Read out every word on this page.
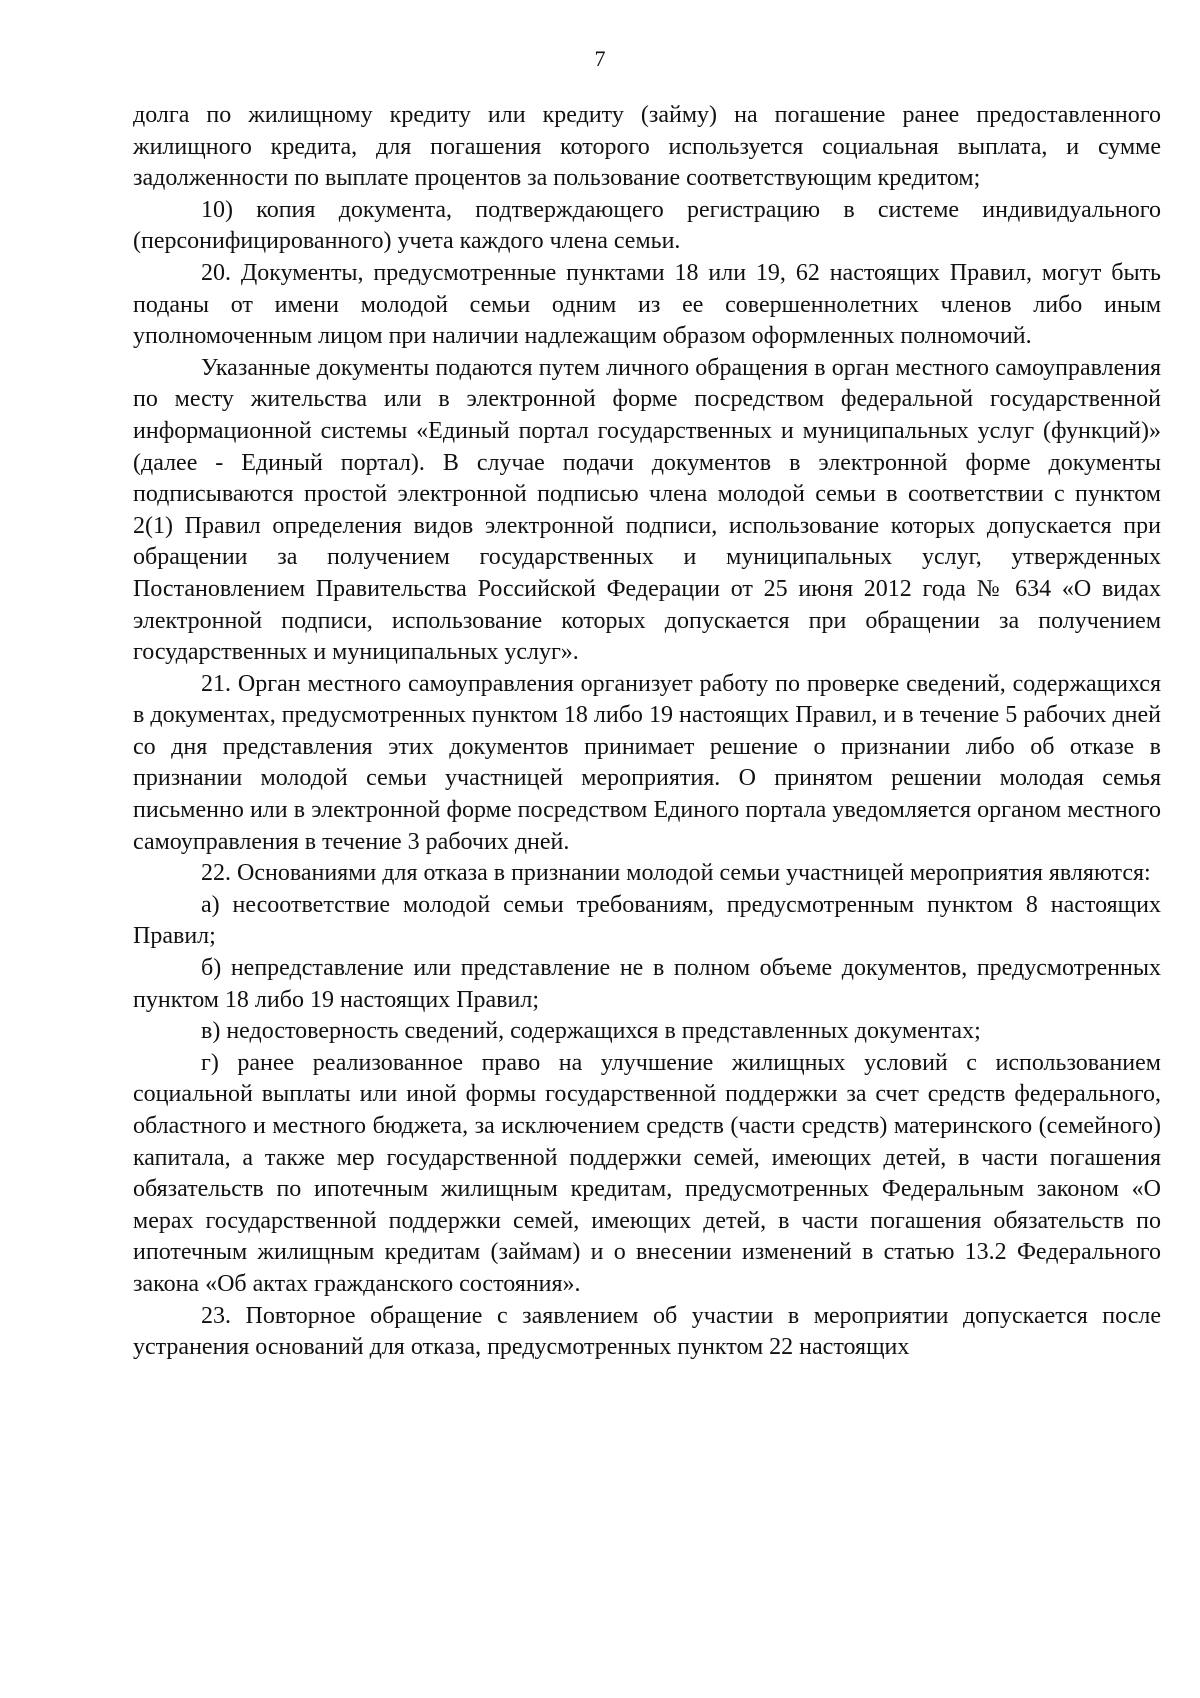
7

долга по жилищному кредиту или кредиту (займу) на погашение ранее предоставленного жилищного кредита, для погашения которого используется социальная выплата, и сумме задолженности по выплате процентов за пользование соответствующим кредитом;

10) копия документа, подтверждающего регистрацию в системе индивидуального (персонифицированного) учета каждого члена семьи.

20. Документы, предусмотренные пунктами 18 или 19, 62 настоящих Правил, могут быть поданы от имени молодой семьи одним из ее совершеннолетних членов либо иным уполномоченным лицом при наличии надлежащим образом оформленных полномочий.

Указанные документы подаются путем личного обращения в орган местного самоуправления по месту жительства или в электронной форме посредством федеральной государственной информационной системы «Единый портал государственных и муниципальных услуг (функций)» (далее - Единый портал). В случае подачи документов в электронной форме документы подписываются простой электронной подписью члена молодой семьи в соответствии с пунктом 2(1) Правил определения видов электронной подписи, использование которых допускается при обращении за получением государственных и муниципальных услуг, утвержденных Постановлением Правительства Российской Федерации от 25 июня 2012 года № 634 «О видах электронной подписи, использование которых допускается при обращении за получением государственных и муниципальных услуг».

21. Орган местного самоуправления организует работу по проверке сведений, содержащихся в документах, предусмотренных пунктом 18 либо 19 настоящих Правил, и в течение 5 рабочих дней со дня представления этих документов принимает решение о признании либо об отказе в признании молодой семьи участницей мероприятия. О принятом решении молодая семья письменно или в электронной форме посредством Единого портала уведомляется органом местного самоуправления в течение 3 рабочих дней.

22. Основаниями для отказа в признании молодой семьи участницей мероприятия являются:

а) несоответствие молодой семьи требованиям, предусмотренным пунктом 8 настоящих Правил;

б) непредставление или представление не в полном объеме документов, предусмотренных пунктом 18 либо 19 настоящих Правил;

в) недостоверность сведений, содержащихся в представленных документах;

г) ранее реализованное право на улучшение жилищных условий с использованием социальной выплаты или иной формы государственной поддержки за счет средств федерального, областного и местного бюджета, за исключением средств (части средств) материнского (семейного) капитала, а также мер государственной поддержки семей, имеющих детей, в части погашения обязательств по ипотечным жилищным кредитам, предусмотренных Федеральным законом «О мерах государственной поддержки семей, имеющих детей, в части погашения обязательств по ипотечным жилищным кредитам (займам) и о внесении изменений в статью 13.2 Федерального закона «Об актах гражданского состояния».

23. Повторное обращение с заявлением об участии в мероприятии допускается после устранения оснований для отказа, предусмотренных пунктом 22 настоящих
